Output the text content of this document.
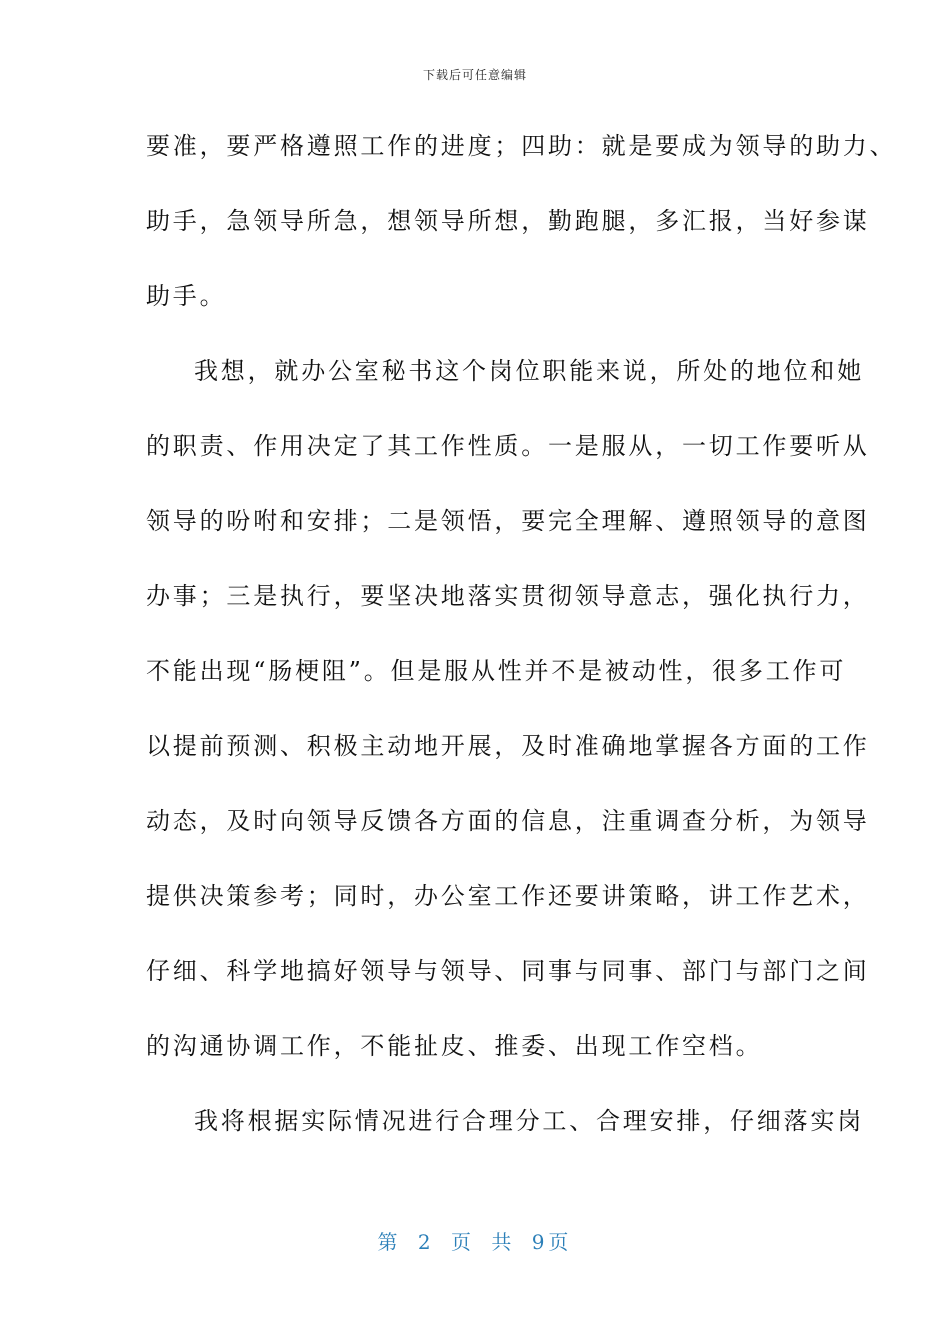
下载后可任意编辑
要准，要严格遵照工作的进度；四助：就是要成为领导的助力、
助手，急领导所急，想领导所想，勤跑腿，多汇报，当好参谋
助手。
我想，就办公室秘书这个岗位职能来说，所处的地位和她
的职责、作用决定了其工作性质。一是服从，一切工作要听从
领导的吩咐和安排；二是领悟，要完全理解、遵照领导的意图
办事；三是执行，要坚决地落实贯彻领导意志，强化执行力，
不能出现“肠梗阻”。但是服从性并不是被动性，很多工作可
以提前预测、积极主动地开展，及时准确地掌握各方面的工作
动态，及时向领导反馈各方面的信息，注重调查分析，为领导
提供决策参考；同时，办公室工作还要讲策略，讲工作艺术，
仔细、科学地搞好领导与领导、同事与同事、部门与部门之间
的沟通协调工作，不能扯皮、推委、出现工作空档。
我将根据实际情况进行合理分工、合理安排，仔细落实岗
第 2 页 共 9页
